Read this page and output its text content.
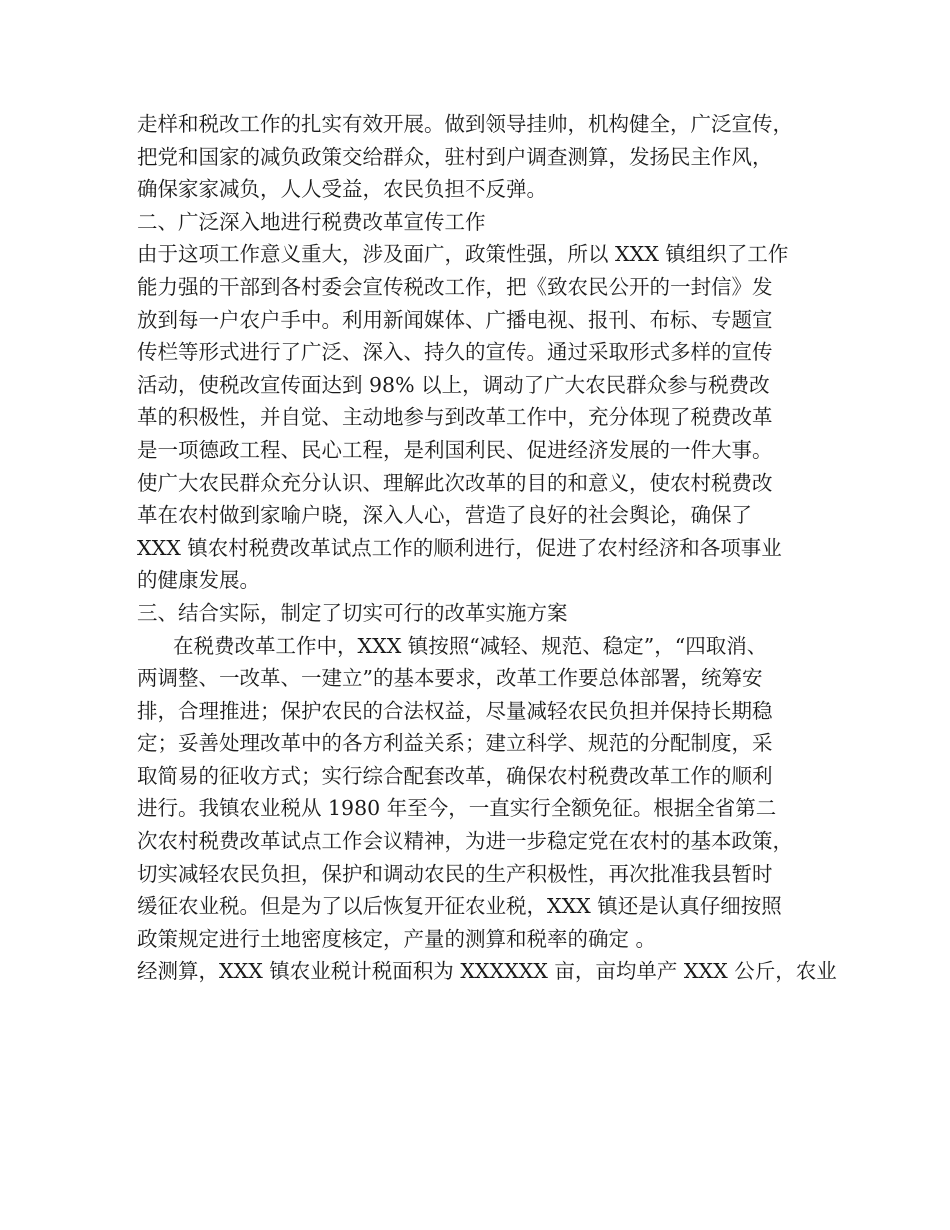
走样和税改工作的扎实有效开展。做到领导挂帅，机构健全，广泛宣传，
把党和国家的减负政策交给群众，驻村到户调查测算，发扬民主作风，
确保家家减负，人人受益，农民负担不反弹。
二、广泛深入地进行税费改革宣传工作
由于这项工作意义重大，涉及面广，政策性强，所以 XXX 镇组织了工作
能力强的干部到各村委会宣传税改工作，把《致农民公开的一封信》发
放到每一户农户手中。利用新闻媒体、广播电视、报刊、布标、专题宣
传栏等形式进行了广泛、深入、持久的宣传。通过采取形式多样的宣传
活动，使税改宣传面达到 98% 以上，调动了广大农民群众参与税费改
革的积极性，并自觉、主动地参与到改革工作中，充分体现了税费改革
是一项德政工程、民心工程，是利国利民、促进经济发展的一件大事。
使广大农民群众充分认识、理解此次改革的目的和意义，使农村税费改
革在农村做到家喻户晓，深入人心，营造了良好的社会舆论，确保了
XXX 镇农村税费改革试点工作的顺利进行，促进了农村经济和各项事业
的健康发展。
三、结合实际，制定了切实可行的改革实施方案
在税费改革工作中，XXX 镇按照“减轻、规范、稳定”，“四取消、
两调整、一改革、一建立”的基本要求，改革工作要总体部署，统筹安
排，合理推进；保护农民的合法权益，尽量减轻农民负担并保持长期稳
定；妥善处理改革中的各方利益关系；建立科学、规范的分配制度，采
取简易的征收方式；实行综合配套改革，确保农村税费改革工作的顺利
进行。我镇农业税从 1980 年至今，一直实行全额免征。根据全省第二
次农村税费改革试点工作会议精神，为进一步稳定党在农村的基本政策，
切实减轻农民负担，保护和调动农民的生产积极性，再次批准我县暂时
缓征农业税。但是为了以后恢复开征农业税，XXX 镇还是认真仔细按照
政策规定进行土地密度核定，产量的测算和税率的确定 。
经测算，XXX 镇农业税计税面积为 XXXXXX 亩，亩均单产 XXX 公斤，农业
